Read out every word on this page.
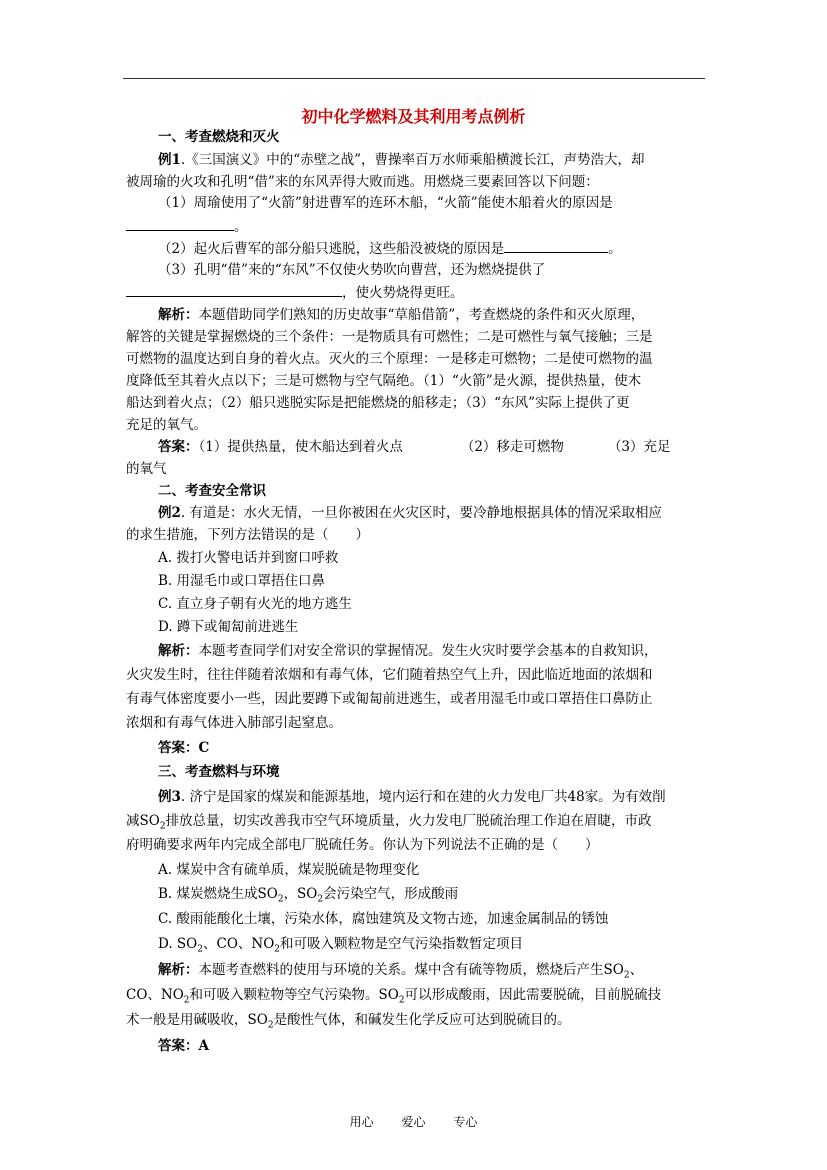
初中化学燃料及其利用考点例析
一、考查燃烧和灭火
例1.《三国演义》中的“赤壁之战”，曹操率百万水师乘船横渡长江，声势浩大，却
被周瑜的火攻和孔明“借”来的东风弄得大败而逃。用燃烧三要素回答以下问题：
（1）周瑜使用了“火箭”射进曹军的连环木船，“火箭”能使木船着火的原因是
。
（2）起火后曹军的部分船只逃脱，这些船没被烧的原因是	。
（3）孔明“借”来的“东风”不仅使火势吹向曹营，还为燃烧提供了
，使火势烧得更旺。
解析：本题借助同学们熟知的历史故事“草船借箭”，考查燃烧的条件和灭火原理，
解答的关键是掌握燃烧的三个条件：一是物质具有可燃性；二是可燃性与氧气接触；三是
可燃物的温度达到自身的着火点。灭火的三个原理：一是移走可燃物；二是使可燃物的温
度降低至其着火点以下；三是可燃物与空气隔绝。（1）“火箭”是火源，提供热量，使木
船达到着火点；（2）船只逃脱实际是把能燃烧的船移走；（3）“东风”实际上提供了更
充足的氧气。
答案：（1）提供热量，使木船达到着火点	（2）移走可燃物	（3）充足
的氧气
二、考查安全常识
例2. 有道是：水火无情，一旦你被困在火灾区时，要冷静地根据具体的情况采取相应
的求生措施，下列方法错误的是（　　）
A. 拨打火警电话并到窗口呼救
B. 用湿毛巾或口罩捂住口鼻
C. 直立身子朝有火光的地方逃生
D. 蹲下或匍匐前进逃生
解析：本题考查同学们对安全常识的掌握情况。发生火灾时要学会基本的自救知识，
火灾发生时，往往伴随着浓烟和有毒气体，它们随着热空气上升，因此临近地面的浓烟和
有毒气体密度要小一些，因此要蹲下或匍匐前进逃生，或者用湿毛巾或口罩捂住口鼻防止
浓烟和有毒气体进入肺部引起窒息。
答案：C
三、考查燃料与环境
例3. 济宁是国家的煤炭和能源基地，境内运行和在建的火力发电厂共48家。为有效削
减$SO_2$排放总量，切实改善我市空气环境质量，火力发电厂脱硫治理工作迫在眉睫，市政
府明确要求两年内完成全部电厂脱硫任务。你认为下列说法不正确的是（　　）
A. 煤炭中含有硫单质，煤炭脱硫是物理变化
B. 煤炭燃烧生成$SO_2$，$SO_2$会污染空气，形成酸雨
C. 酸雨能酸化土壤，污染水体，腐蚀建筑及文物古迹，加速金属制品的锈蚀
D. $SO_2$、CO、$NO_2$和可吸入颗粒物是空气污染指数暂定项目
解析：本题考查燃料的使用与环境的关系。煤中含有硫等物质，燃烧后产生$SO_2$、
CO、$NO_2$和可吸入颗粒物等空气污染物。$SO_2$可以形成酸雨，因此需要脱硫，目前脱硫技
术一般是用碱吸收，$SO_2$是酸性气体，和碱发生化学反应可达到脱硫目的。
答案：A
用心 爱心 专心
